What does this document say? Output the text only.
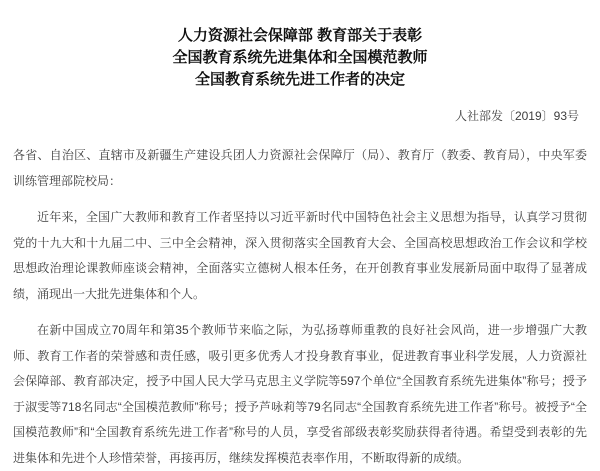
人力资源社会保障部 教育部关于表彰
全国教育系统先进集体和全国模范教师
全国教育系统先进工作者的决定
人社部发〔2019〕93号

各省、自治区、直辖市及新疆生产建设兵团人力资源社会保障厅（局）、教育厅（教委、教育局），中央军委训练管理部院校局：

近年来，全国广大教师和教育工作者坚持以习近平新时代中国特色社会主义思想为指导，认真学习贯彻党的十九大和十九届二中、三中全会精神，深入贯彻落实全国教育大会、全国高校思想政治工作会议和学校思想政治理论课教师座谈会精神，全面落实立德树人根本任务，在开创教育事业发展新局面中取得了显著成绩，涌现出一大批先进集体和个人。

在新中国成立70周年和第35个教师节来临之际，为弘扬尊师重教的良好社会风尚，进一步增强广大教师、教育工作者的荣誉感和责任感，吸引更多优秀人才投身教育事业，促进教育事业科学发展，人力资源社会保障部、教育部决定，授予中国人民大学马克思主义学院等597个单位“全国教育系统先进集体”称号；授予于淑雯等718名同志“全国模范教师”称号；授予芦咏莉等79名同志“全国教育系统先进工作者”称号。被授予“全国模范教师”和“全国教育系统先进工作者”称号的人员，享受省部级表彰奖励获得者待遇。希望受到表彰的先进集体和先进个人珍惜荣誉，再接再厉，继续发挥模范表率作用，不断取得新的成绩。
